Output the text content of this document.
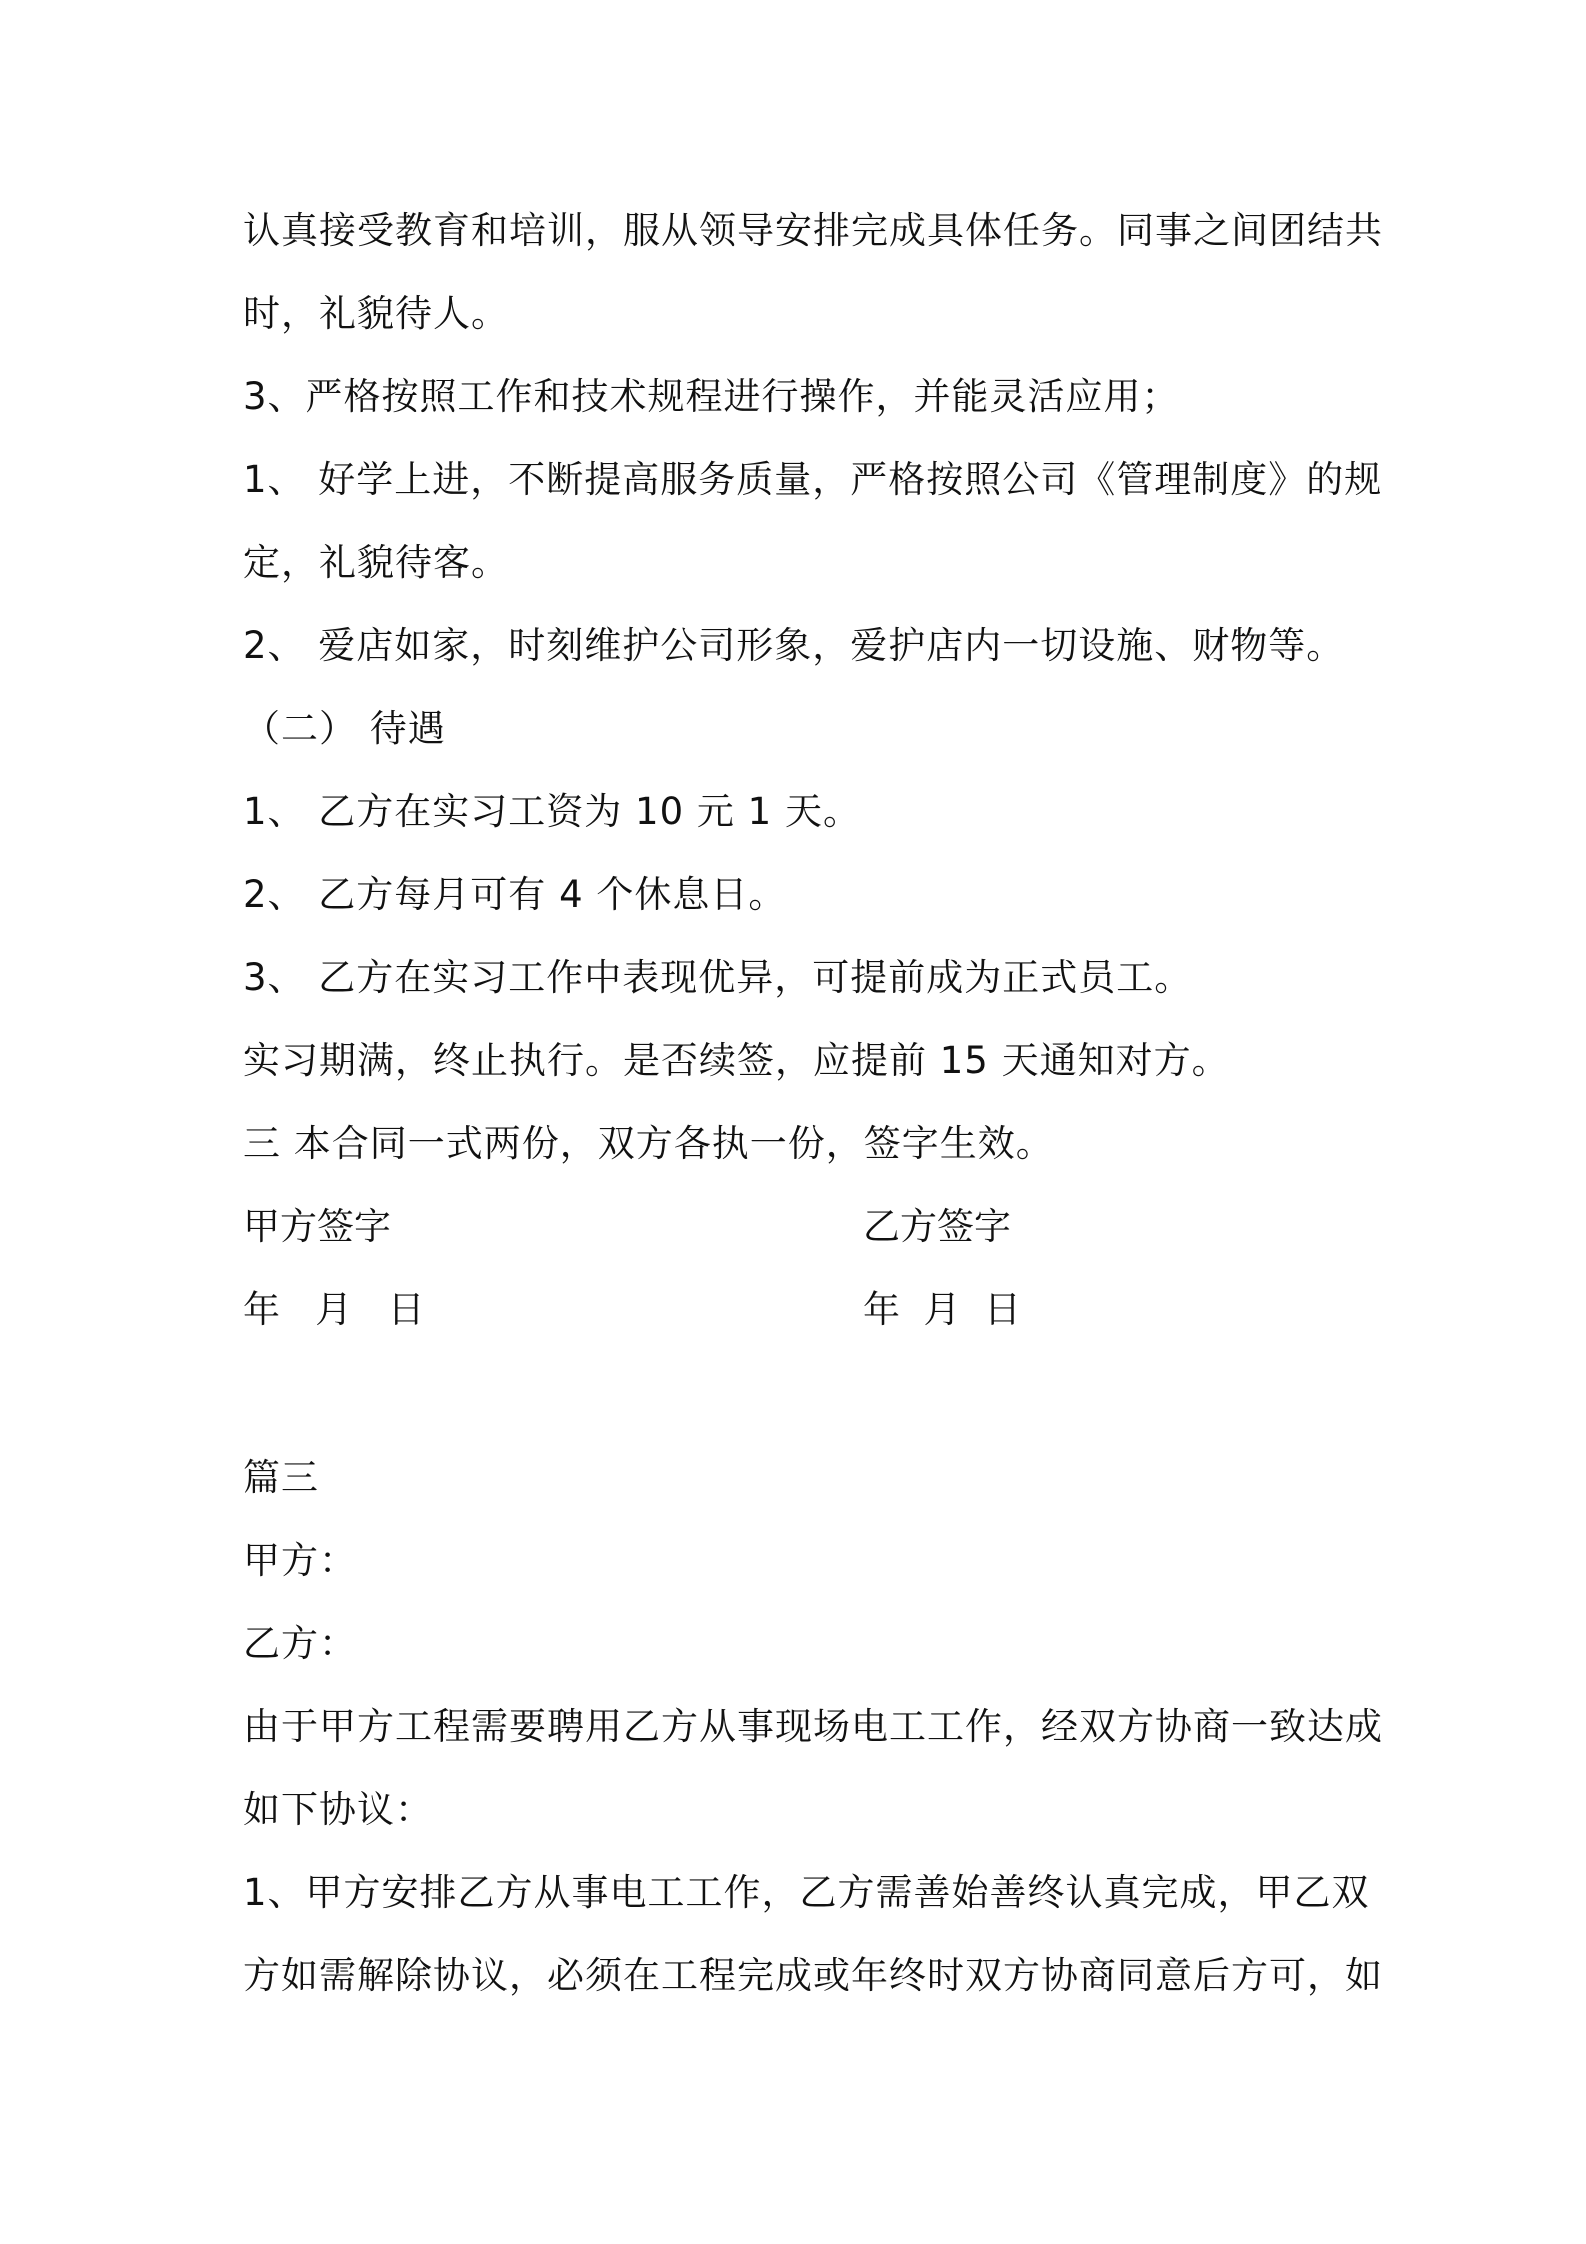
认真接受教育和培训，服从领导安排完成具体任务。同事之间团结共
时，礼貌待人。
3、严格按照工作和技术规程进行操作，并能灵活应用；
1、 好学上进，不断提高服务质量，严格按照公司《管理制度》的规
定，礼貌待客。
2、 爱店如家，时刻维护公司形象，爱护店内一切设施、财物等。
（二） 待遇
1、 乙方在实习工资为 10 元 1 天。
2、 乙方每月可有 4 个休息日。
3、 乙方在实习工作中表现优异，可提前成为正式员工。
实习期满，终止执行。是否续签，应提前 15 天通知对方。
三 本合同一式两份，双方各执一份，签字生效。
甲方签字	乙方签字
年   月   日	年  月  日
篇三
甲方：
乙方：
由于甲方工程需要聘用乙方从事现场电工工作，经双方协商一致达成
如下协议：
1、甲方安排乙方从事电工工作，乙方需善始善终认真完成，甲乙双
方如需解除协议，必须在工程完成或年终时双方协商同意后方可，如
